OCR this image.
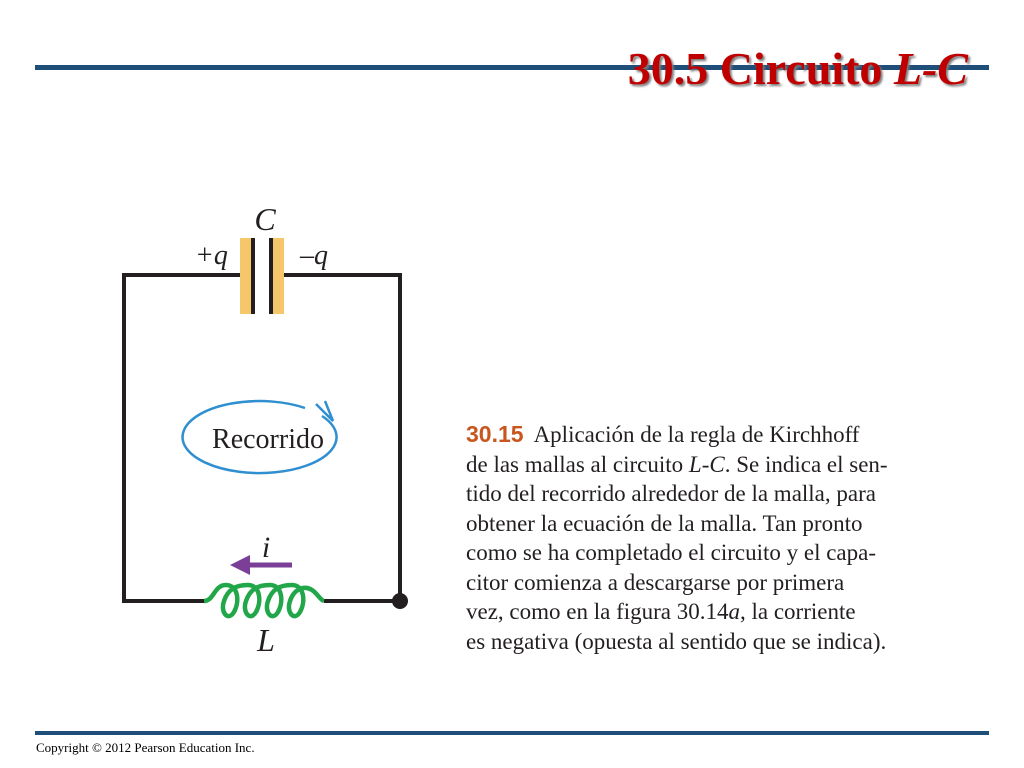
30.5 Circuito L-C
C
+q	–q
Recorrido
i
L
30.15 Aplicación de la regla de Kirchhoff
de las mallas al circuito L-C. Se indica el sen-
tido del recorrido alrededor de la malla, para
obtener la ecuación de la malla. Tan pronto
como se ha completado el circuito y el capa-
citor comienza a descargarse por primera
vez, como en la figura 30.14a, la corriente
es negativa (opuesta al sentido que se indica).
Copyright © 2012 Pearson Education Inc.
